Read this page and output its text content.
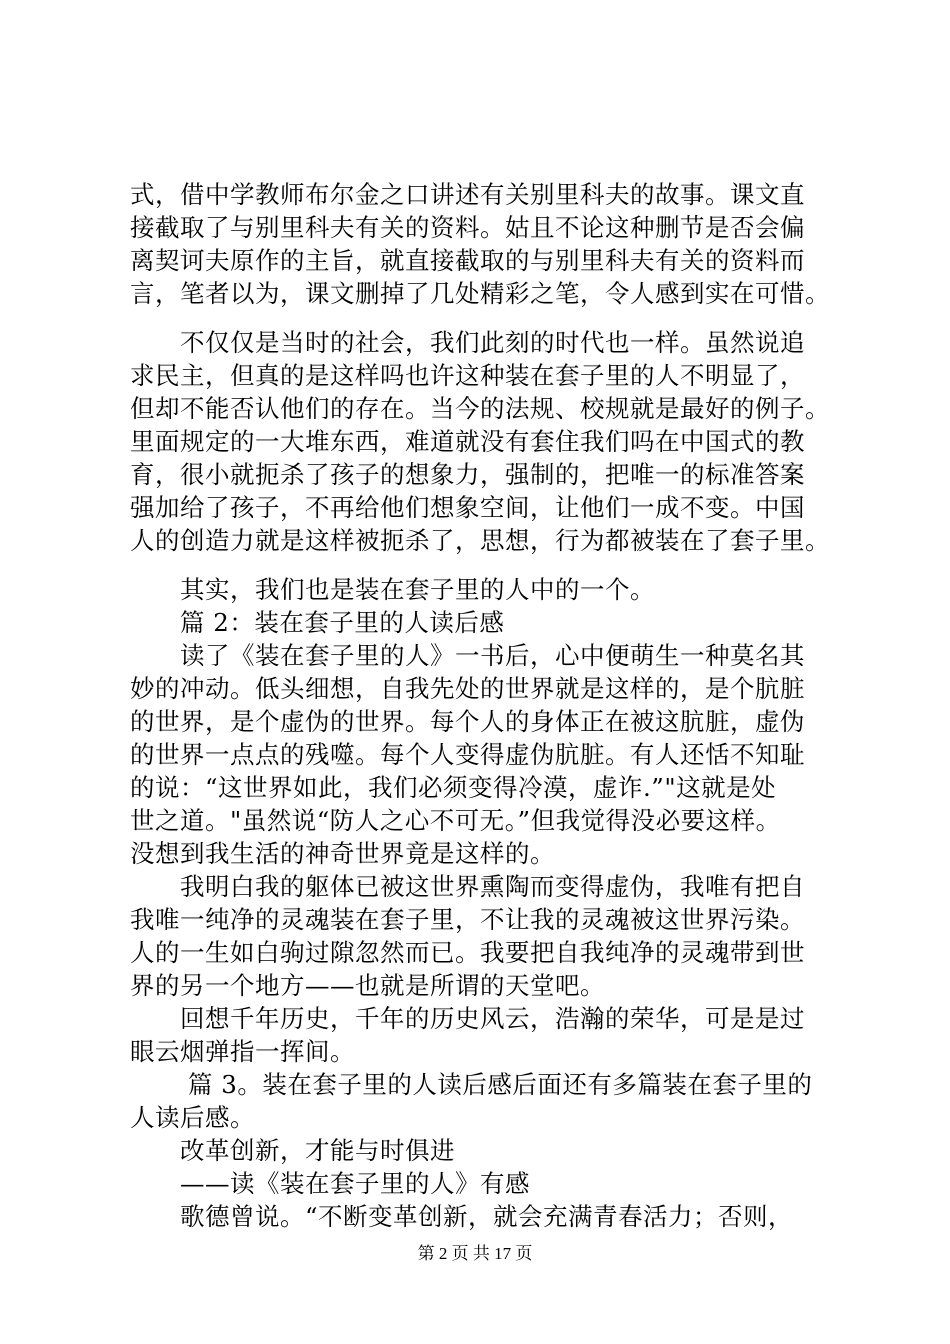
式，借中学教师布尔金之口讲述有关别里科夫的故事。课文直
接截取了与别里科夫有关的资料。姑且不论这种删节是否会偏
离契诃夫原作的主旨，就直接截取的与别里科夫有关的资料而
言，笔者以为，课文删掉了几处精彩之笔，令人感到实在可惜。
不仅仅是当时的社会，我们此刻的时代也一样。虽然说追
求民主，但真的是这样吗也许这种装在套子里的人不明显了，
但却不能否认他们的存在。当今的法规、校规就是最好的例子。
里面规定的一大堆东西，难道就没有套住我们吗在中国式的教
育，很小就扼杀了孩子的想象力，强制的，把唯一的标准答案
强加给了孩子，不再给他们想象空间，让他们一成不变。中国
人的创造力就是这样被扼杀了，思想，行为都被装在了套子里。
其实，我们也是装在套子里的人中的一个。
篇 2：装在套子里的人读后感
读了《装在套子里的人》一书后，心中便萌生一种莫名其
妙的冲动。低头细想，自我先处的世界就是这样的，是个肮脏
的世界，是个虚伪的世界。每个人的身体正在被这肮脏，虚伪
的世界一点点的残噬。每个人变得虚伪肮脏。有人还恬不知耻
的说：“这世界如此，我们必须变得冷漠，虚诈.”"这就是处
世之道。"虽然说“防人之心不可无。”但我觉得没必要这样。
没想到我生活的神奇世界竟是这样的。
我明白我的躯体已被这世界熏陶而变得虚伪，我唯有把自
我唯一纯净的灵魂装在套子里，不让我的灵魂被这世界污染。
人的一生如白驹过隙忽然而已。我要把自我纯净的灵魂带到世
界的另一个地方——也就是所谓的天堂吧。
回想千年历史，千年的历史风云，浩瀚的荣华，可是是过
眼云烟弹指一挥间。
篇 3。装在套子里的人读后感后面还有多篇装在套子里的
人读后感。
改革创新，才能与时俱进
——读《装在套子里的人》有感
歌德曾说。“不断变革创新，就会充满青春活力；否则，
第 2 页 共 17 页
